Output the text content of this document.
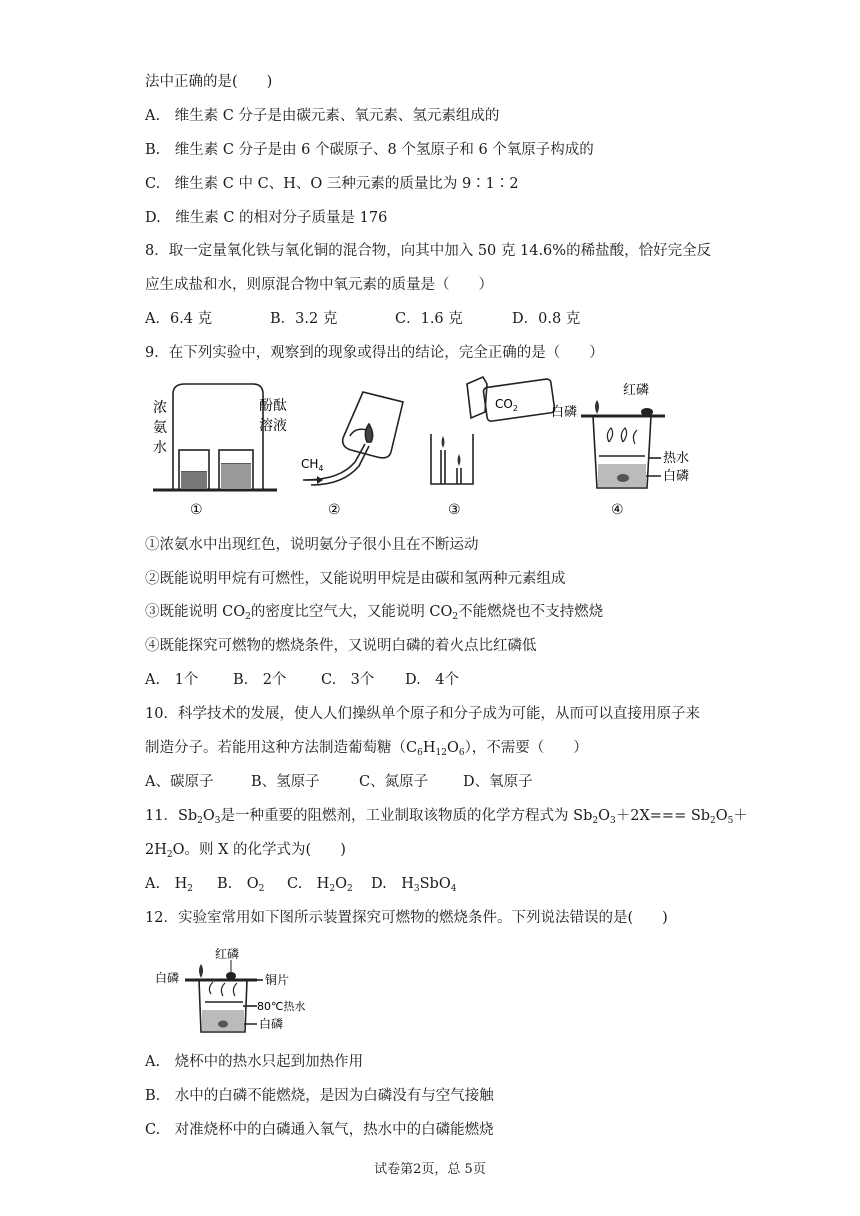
法中正确的是(　　)
A.　维生素 C 分子是由碳元素、氧元素、氢元素组成的
B.　维生素 C 分子是由 6 个碳原子、8 个氢原子和 6 个氧原子构成的
C.　维生素 C 中 C、H、O 三种元素的质量比为 9∶1∶2
D.　维生素 C 的相对分子质量是 176
8．取一定量氧化铁与氧化铜的混合物，向其中加入 50 克 14.6%的稀盐酸，恰好完全反
应生成盐和水，则原混合物中氧元素的质量是（　　）
A．6.4 克	B．3.2 克	C．1.6 克	D．0.8 克
9．在下列实验中，观察到的现象或得出的结论，完全正确的是（　　）
浓
氨
水
酚酞
溶液
$CH_4$
$CO_2$	白磷
红磷
热水
白磷
①	②	③	④
①浓氨水中出现红色，说明氨分子很小且在不断运动
②既能说明甲烷有可燃性，又能说明甲烷是由碳和氢两种元素组成
③既能说明 $CO_2$的密度比空气大，又能说明 $CO_2$不能燃烧也不支持燃烧
④既能探究可燃物的燃烧条件，又说明白磷的着火点比红磷低
A.　1个 B.　2个 C.　3个 D.　4个
10．科学技术的发展，使人人们操纵单个原子和分子成为可能，从而可以直接用原子来
制造分子。若能用这种方法制造葡萄糖$(C_6H_{12}O_6)$，不需要（　　）
A、碳原子	B、氢原子	C、氮原子 D、氧原子
11．$Sb_2O_3$是一种重要的阻燃剂，工业制取该物质的化学方程式为 $Sb_2O_3+2X=== Sb_2O_5+$
$2H_2O$。则 X 的化学式为(　　)
A.　$H_2$ B.　$O_2$ C.　$H_2O_2$ D.　$H_3SbO_4$
12．实验室常用如下图所示装置探究可燃物的燃烧条件。下列说法错误的是(　　)
红磷
白磷	铜片
80℃热水
白磷
A.　烧杯中的热水只起到加热作用
B.　水中的白磷不能燃烧，是因为白磷没有与空气接触
C.　对准烧杯中的白磷通入氧气，热水中的白磷能燃烧
试卷第2页，总 5页
